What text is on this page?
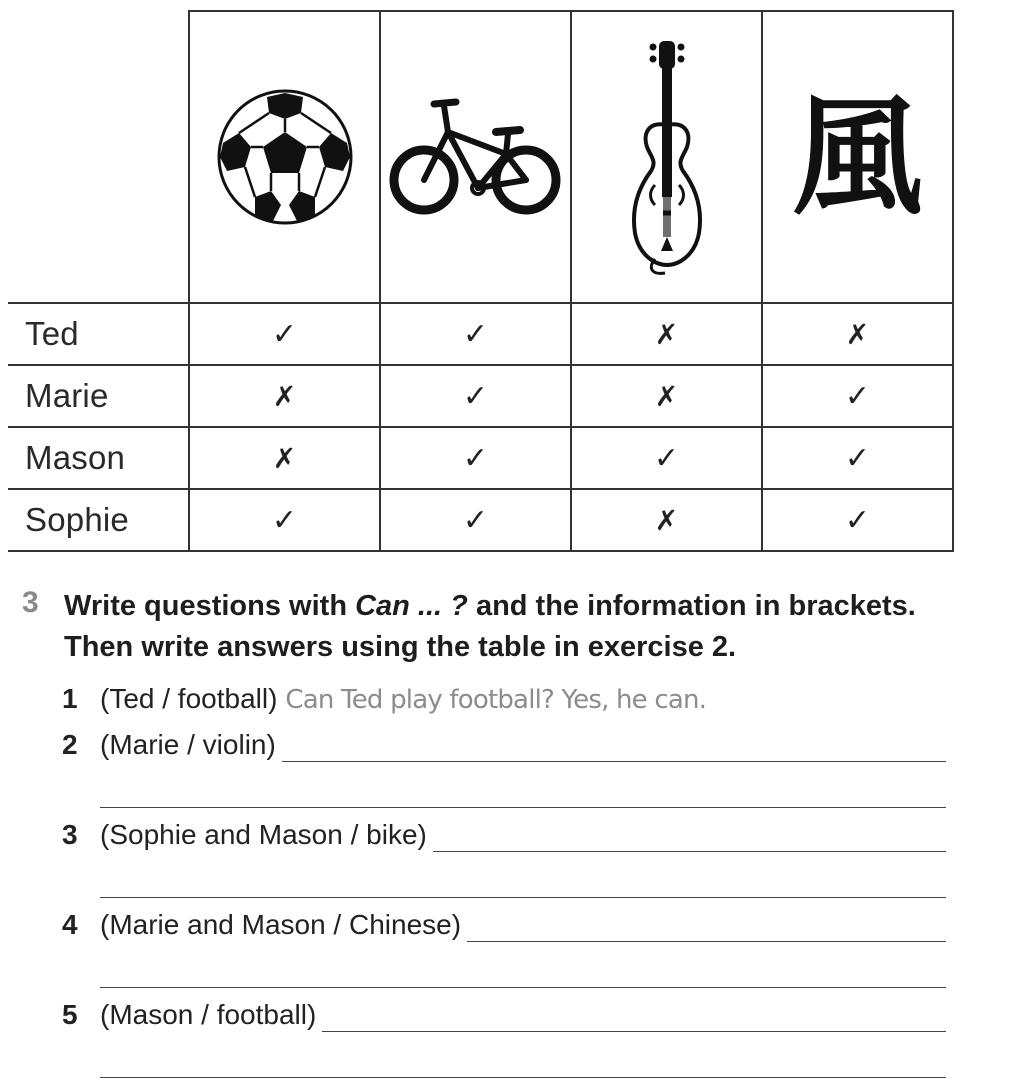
風

Ted	✓	✓	✗	✗
Marie	✗	✓	✗	✓
Mason	✗	✓	✓	✓
Sophie	✓	✓	✗	✓
3 Write questions with Can ... ? and the information in brackets. Then write answers using the table in exercise 2.
1 (Ted / football) Can Ted play football? Yes, he can.
2 (Marie / violin)
3 (Sophie and Mason / bike)
4 (Marie and Mason / Chinese)
5 (Mason / football)
